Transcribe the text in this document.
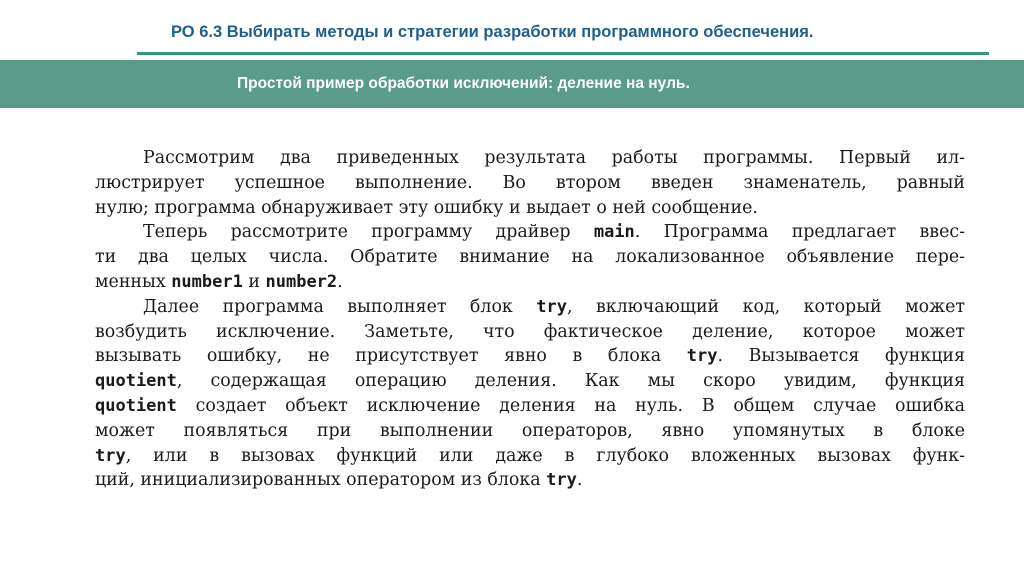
РО 6.3 Выбирать методы и стратегии разработки программного обеспечения.
Простой пример обработки исключений: деление на нуль.
Рассмотрим два приведенных результата работы программы. Первый ил-
люстрирует успешное выполнение. Во втором введен знаменатель, равный
нулю; программа обнаруживает эту ошибку и выдает о ней сообщение.
Теперь рассмотрите программу драйвер main. Программа предлагает ввес-
ти два целых числа. Обратите внимание на локализованное объявление пере-
менных number1 и number2.
Далее программа выполняет блок try, включающий код, который может
возбудить исключение. Заметьте, что фактическое деление, которое может
вызывать ошибку, не присутствует явно в блока try. Вызывается функция
quotient, содержащая операцию деления. Как мы скоро увидим, функция
quotient создает объект исключение деления на нуль. В общем случае ошибка
может появляться при выполнении операторов, явно упомянутых в блоке
try, или в вызовах функций или даже в глубоко вложенных вызовах функ-
ций, инициализированных оператором из блока try.
